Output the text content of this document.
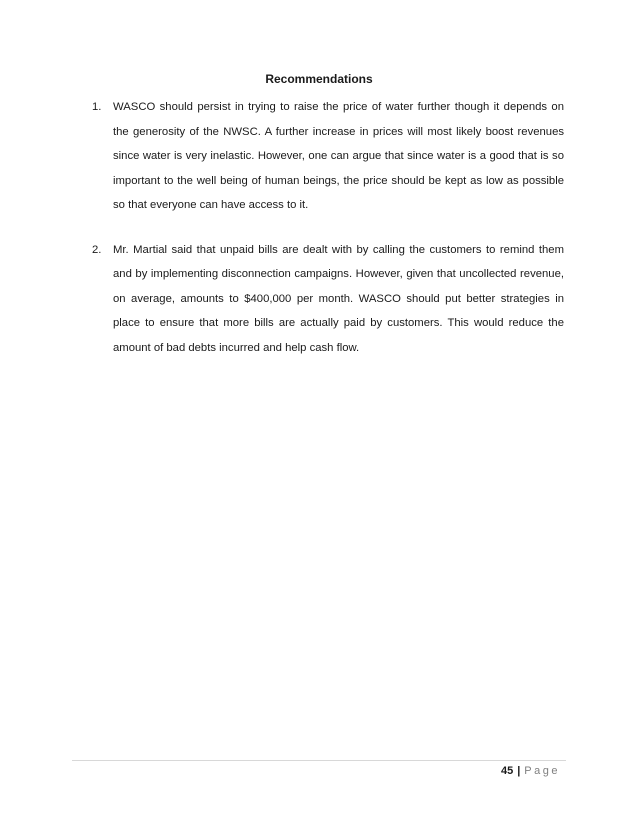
Recommendations
1. WASCO should persist in trying to raise the price of water further though it depends on the generosity of the NWSC. A further increase in prices will most likely boost revenues since water is very inelastic. However, one can argue that since water is a good that is so important to the well being of human beings, the price should be kept as low as possible so that everyone can have access to it.
2. Mr. Martial said that unpaid bills are dealt with by calling the customers to remind them and by implementing disconnection campaigns. However, given that uncollected revenue, on average, amounts to $400,000 per month. WASCO should put better strategies in place to ensure that more bills are actually paid by customers. This would reduce the amount of bad debts incurred and help cash flow.
45 | Page
